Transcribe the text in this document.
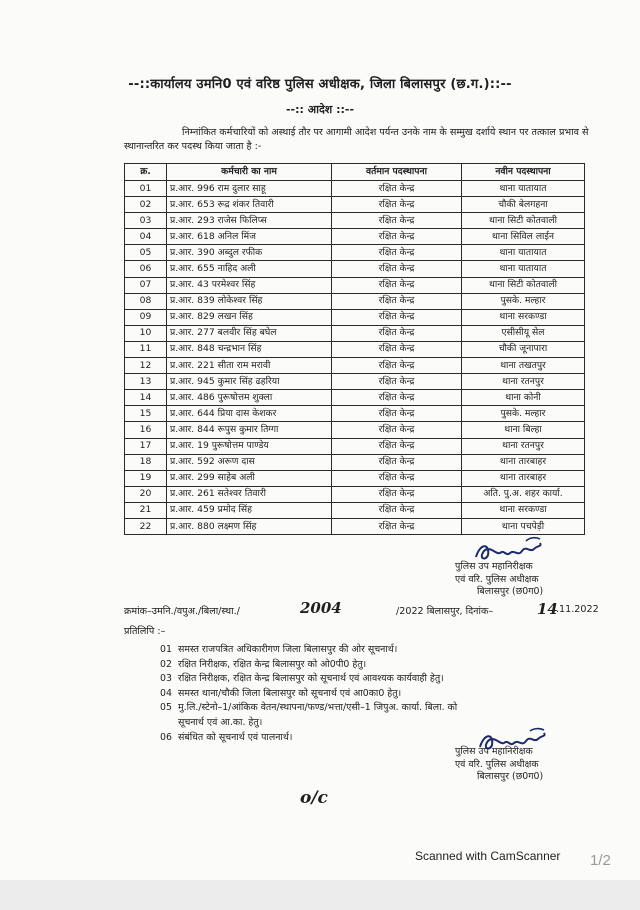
--::कार्यालय उमनि0 एवं वरिष्ठ पुलिस अधीक्षक, जिला बिलासपुर (छ.ग.)::--
--:: आदेश ::--

निम्नांकित कर्मचारियों को अस्थाई तौर पर आगामी आदेश पर्यन्त उनके नाम के सम्मुख दर्शाये स्थान पर तत्काल प्रभाव से स्थानान्तरित कर पदस्थ किया जाता है :-

क्र.	कर्मचारी का नाम	वर्तमान पदस्थापना	नवीन पदस्थापना
01	प्र.आर. 996 राम दुलार साहू	रक्षित केन्द्र	थाना यातायात
02	प्र.आर. 653 रूद्र शंकर तिवारी	रक्षित केन्द्र	चौकी बेलगहना
03	प्र.आर. 293 राजेस फिलिप्स	रक्षित केन्द्र	थाना सिटी कोतवाली
04	प्र.आर. 618 अनिल मिंज	रक्षित केन्द्र	थाना सिविल लाईन
05	प्र.आर. 390 अब्दुल रफीक	रक्षित केन्द्र	थाना यातायात
06	प्र.आर. 655 नाहिद अली	रक्षित केन्द्र	थाना यातायात
07	प्र.आर. 43 परमेश्वर सिंह	रक्षित केन्द्र	थाना सिटी कोतवाली
08	प्र.आर. 839 लोकेश्वर सिंह	रक्षित केन्द्र	पुसके. मल्हार
09	प्र.आर. 829 लखन सिंह	रक्षित केन्द्र	थाना सरकण्डा
10	प्र.आर. 277 बलवीर सिंह बघेल	रक्षित केन्द्र	एसीसीयू सेल
11	प्र.आर. 848 चन्द्रभान सिंह	रक्षित केन्द्र	चौकी जूनापारा
12	प्र.आर. 221 सीता राम मरावी	रक्षित केन्द्र	थाना तखतपुर
13	प्र.आर. 945 कुमार सिंह ढहरिया	रक्षित केन्द्र	थाना रतनपुर
14	प्र.आर. 486 पुरूषोत्तम शुक्ला	रक्षित केन्द्र	थाना कोनी
15	प्र.आर. 644 प्रिया दास केशकर	रक्षित केन्द्र	पुसके. मल्हार
16	प्र.आर. 844 रूपुस कुमार तिग्गा	रक्षित केन्द्र	थाना बिल्हा
17	प्र.आर. 19 पुरूषोत्तम पाण्डेय	रक्षित केन्द्र	थाना रतनपुर
18	प्र.आर. 592 अरूण दास	रक्षित केन्द्र	थाना तारबाहर
19	प्र.आर. 299 साहेब अली	रक्षित केन्द्र	थाना तारबाहर
20	प्र.आर. 261 सतेश्वर तिवारी	रक्षित केन्द्र	अति. पु.अ. शहर कार्या.
21	प्र.आर. 459 प्रमोद सिंह	रक्षित केन्द्र	थाना सरकण्डा
22	प्र.आर. 880 लक्ष्मण सिंह	रक्षित केन्द्र	थाना पचपेड़ी
पुलिस उप महानिरीक्षक
एवं वरि. पुलिस अधीक्षक
बिलासपुर (छ0ग0)
क्रमांक–उमनि./वपुअ./बिला/स्था./	2004	/2022 बिलासपुर, दिनांक–	14
.11.2022
प्रतिलिपि :–
01 समस्त राजपत्रित अधिकारीगण जिला बिलासपुर की ओर सूचनार्थ।
02 रक्षित निरीक्षक, रक्षित केन्द्र बिलासपुर को ओ0पी0 हेतु।
03 रक्षित निरीक्षक, रक्षित केन्द्र बिलासपुर को सूचनार्थ एवं आवश्यक कार्यवाही हेतु।
04 समस्त थाना/चौकी जिला बिलासपुर को सूचनार्थ एवं आ0का0 हेतु।
05 मु.लि./स्टेनो–1/आंकिक वेतन/स्थापना/फण्ड/भत्ता/एसी–1 जिपुअ. कार्या. बिला. को
सूचनार्थ एवं आ.का. हेतु।
06 संबंधित को सूचनार्थ एवं पालनार्थ।
पुलिस उप महानिरीक्षक
एवं वरि. पुलिस अधीक्षक
बिलासपुर (छ0ग0)
o/c
Scanned with CamScanner 1/2
